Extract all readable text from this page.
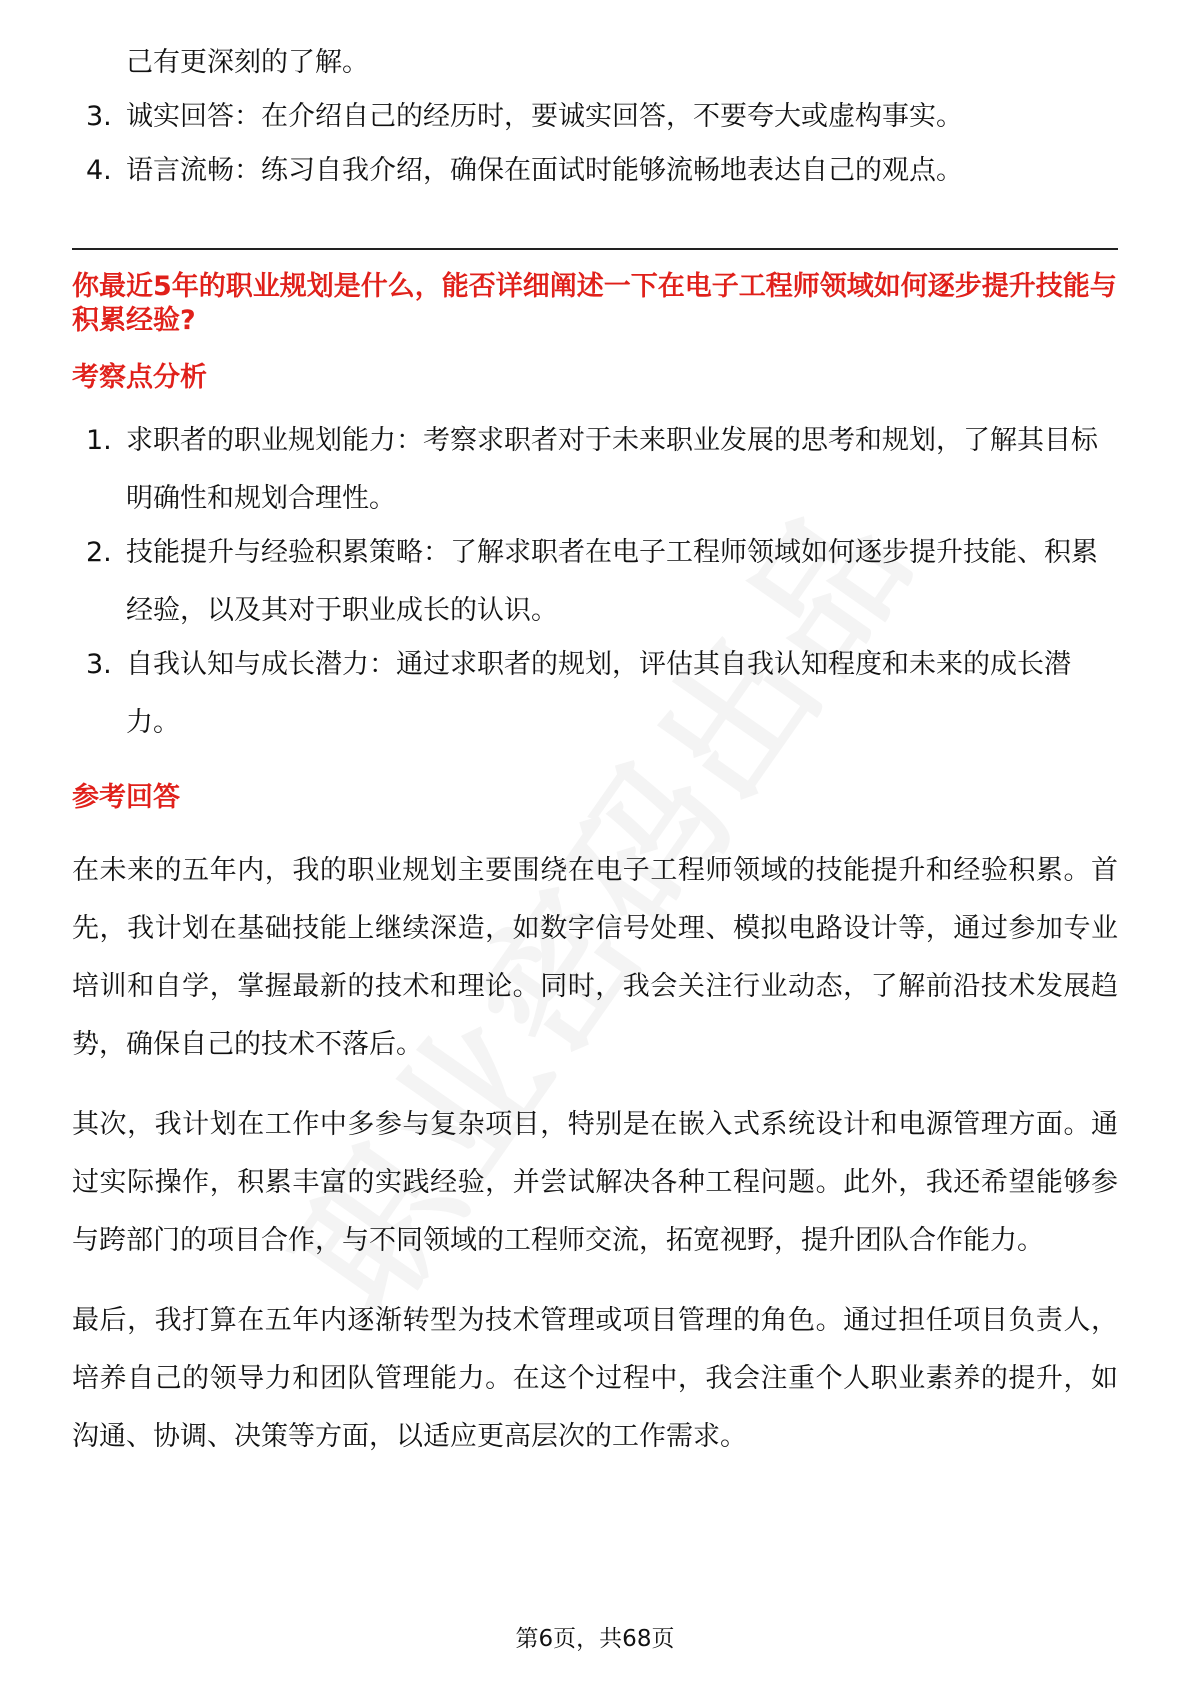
己有更深刻的了解。
3. 诚实回答：在介绍自己的经历时，要诚实回答，不要夸大或虚构事实。
4. 语言流畅：练习自我介绍，确保在面试时能够流畅地表达自己的观点。
你最近5年的职业规划是什么，能否详细阐述一下在电子工程师领域如何逐步提升技能与积累经验?
考察点分析
1. 求职者的职业规划能力：考察求职者对于未来职业发展的思考和规划，了解其目标明确性和规划合理性。
2. 技能提升与经验积累策略：了解求职者在电子工程师领域如何逐步提升技能、积累经验，以及其对于职业成长的认识。
3. 自我认知与成长潜力：通过求职者的规划，评估其自我认知程度和未来的成长潜力。
参考回答

在未来的五年内，我的职业规划主要围绕在电子工程师领域的技能提升和经验积累。首先，我计划在基础技能上继续深造，如数字信号处理、模拟电路设计等，通过参加专业培训和自学，掌握最新的技术和理论。同时，我会关注行业动态，了解前沿技术发展趋势，确保自己的技术不落后。

其次，我计划在工作中多参与复杂项目，特别是在嵌入式系统设计和电源管理方面。通过实际操作，积累丰富的实践经验，并尝试解决各种工程问题。此外，我还希望能够参与跨部门的项目合作，与不同领域的工程师交流，拓宽视野，提升团队合作能力。

最后，我打算在五年内逐渐转型为技术管理或项目管理的角色。通过担任项目负责人，培养自己的领导力和团队管理能力。在这个过程中，我会注重个人职业素养的提升，如沟通、协调、决策等方面，以适应更高层次的工作需求。

第6页，共68页
